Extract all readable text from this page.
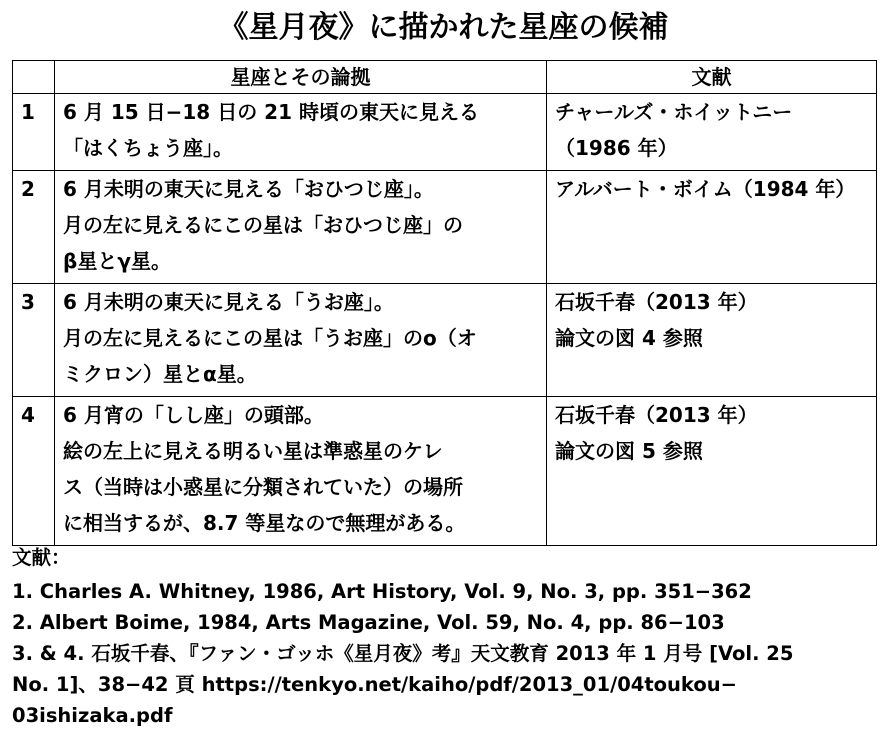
《星月夜》に描かれた星座の候補
	星座とその論拠	文献
1	6 月 15 日−18 日の 21 時頃の東天に見える
「はくちょう座」。	チャールズ・ホイットニー
（1986 年）

2	6 月未明の東天に見える「おひつじ座」。
月の左に見えるにこの星は「おひつじ座」の
β星とγ星。	アルバート・ボイム（1984 年）

3	6 月未明の東天に見える「うお座」。
月の左に見えるにこの星は「うお座」のο（オ
ミクロン）星とα星。	石坂千春（2013 年）
論文の図 4 参照

4	6 月宵の「しし座」の頭部。
絵の左上に見える明るい星は準惑星のケレ
ス（当時は小惑星に分類されていた）の場所
に相当するが、8.7 等星なので無理がある。	石坂千春（2013 年）
論文の図 5 参照
文献：
1. Charles A. Whitney, 1986, Art History, Vol. 9, No. 3, pp. 351−362
2. Albert Boime, 1984, Arts Magazine, Vol. 59, No. 4, pp. 86−103
3. & 4. 石坂千春、『ファン・ゴッホ《星月夜》考』天文教育 2013 年 1 月号 [Vol. 25
No. 1]、38−42 頁 https://tenkyo.net/kaiho/pdf/2013_01/04toukou−
03ishizaka.pdf
